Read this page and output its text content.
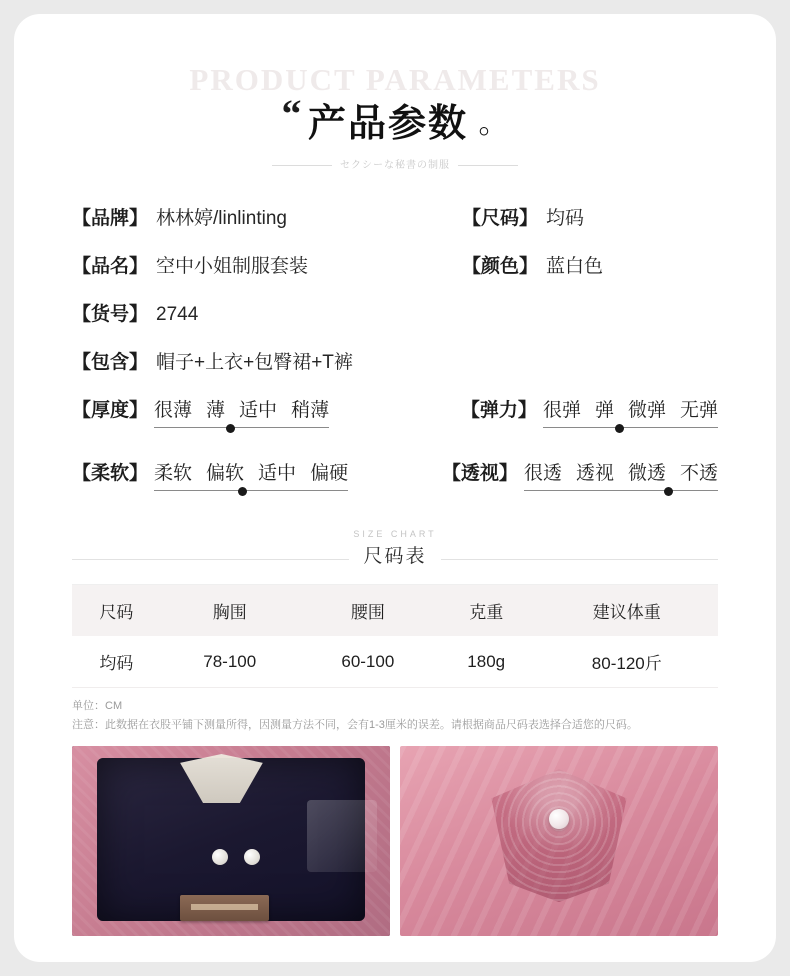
PRODUCT PARAMETERS
“ 产品参数 。
セクシーな秘書の制服
【品牌】 林林婷/linlinting
【品名】 空中小姐制服套装
【货号】 2744
【包含】 帽子+上衣+包臀裙+T裤
【尺码】 均码
【颜色】 蓝白色
【厚度】 很薄 薄 适中 稍薄	【弹力】 很弹 弹 微弹 无弹
【柔软】 柔软 偏软 适中 偏硬	【透视】 很透 透视 微透 不透
SIZE CHART
尺码表
尺码	胸围	腰围	克重	建议体重
均码	78-100	60-100	180g	80-120斤
单位：CM
注意：此数据在衣股平铺下测量所得，因测量方法不同，会有1-3厘米的误差。请根据商品尺码表选择合适您的尺码。
